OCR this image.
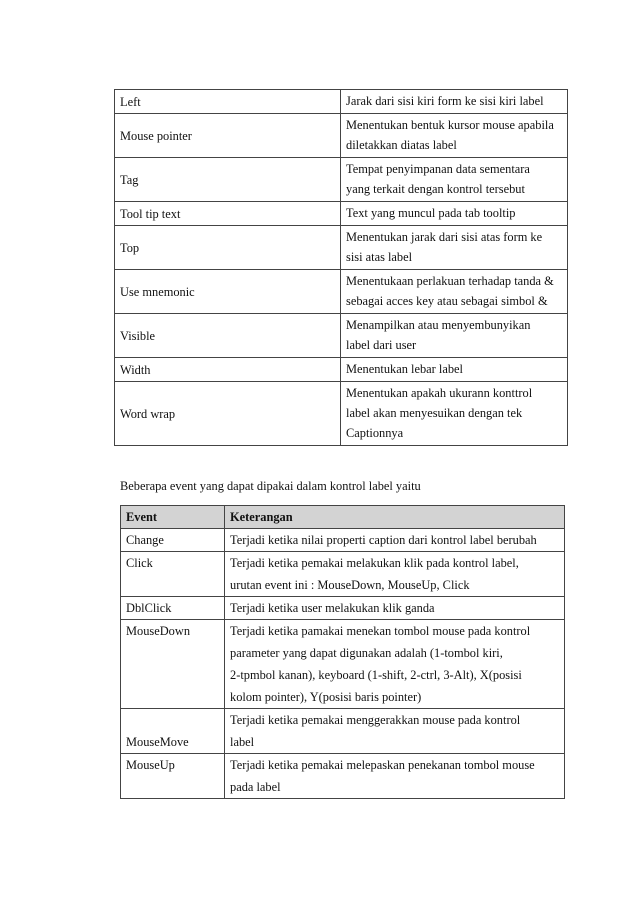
Left	Jarak dari sisi kiri form ke sisi kiri label

Mouse pointer	Menentukan bentuk kursor mouse apabila
diletakkan diatas label

Tag	Tempat penyimpanan data sementara
yang terkait dengan kontrol tersebut

Tool tip text	Text yang muncul pada tab tooltip

Top	Menentukan jarak dari sisi atas form ke
sisi atas label

Use mnemonic	Menentukaan perlakuan terhadap tanda &
sebagai acces key atau sebagai simbol &

Visible	Menampilkan atau menyembunyikan
label dari user

Width	Menentukan lebar label

Word wrap	Menentukan apakah ukurann konttrol
label akan menyesuikan dengan tek
Captionnya
Beberapa event yang dapat dipakai dalam kontrol label yaitu
Event	Keterangan
Change	Terjadi ketika nilai properti caption dari kontrol label berubah

Click	Terjadi ketika pemakai melakukan klik pada kontrol label,
urutan event ini : MouseDown, MouseUp, Click

DblClick	Terjadi ketika user melakukan klik ganda

MouseDown	Terjadi ketika pamakai menekan tombol mouse pada kontrol
parameter yang dapat digunakan adalah (1-tombol kiri,
2-tpmbol kanan), keyboard (1-shift, 2-ctrl, 3-Alt), X(posisi
kolom pointer), Y(posisi baris pointer)

MouseMove	Terjadi ketika pemakai menggerakkan mouse pada kontrol
label

MouseUp	Terjadi ketika pemakai melepaskan penekanan tombol mouse
pada label
